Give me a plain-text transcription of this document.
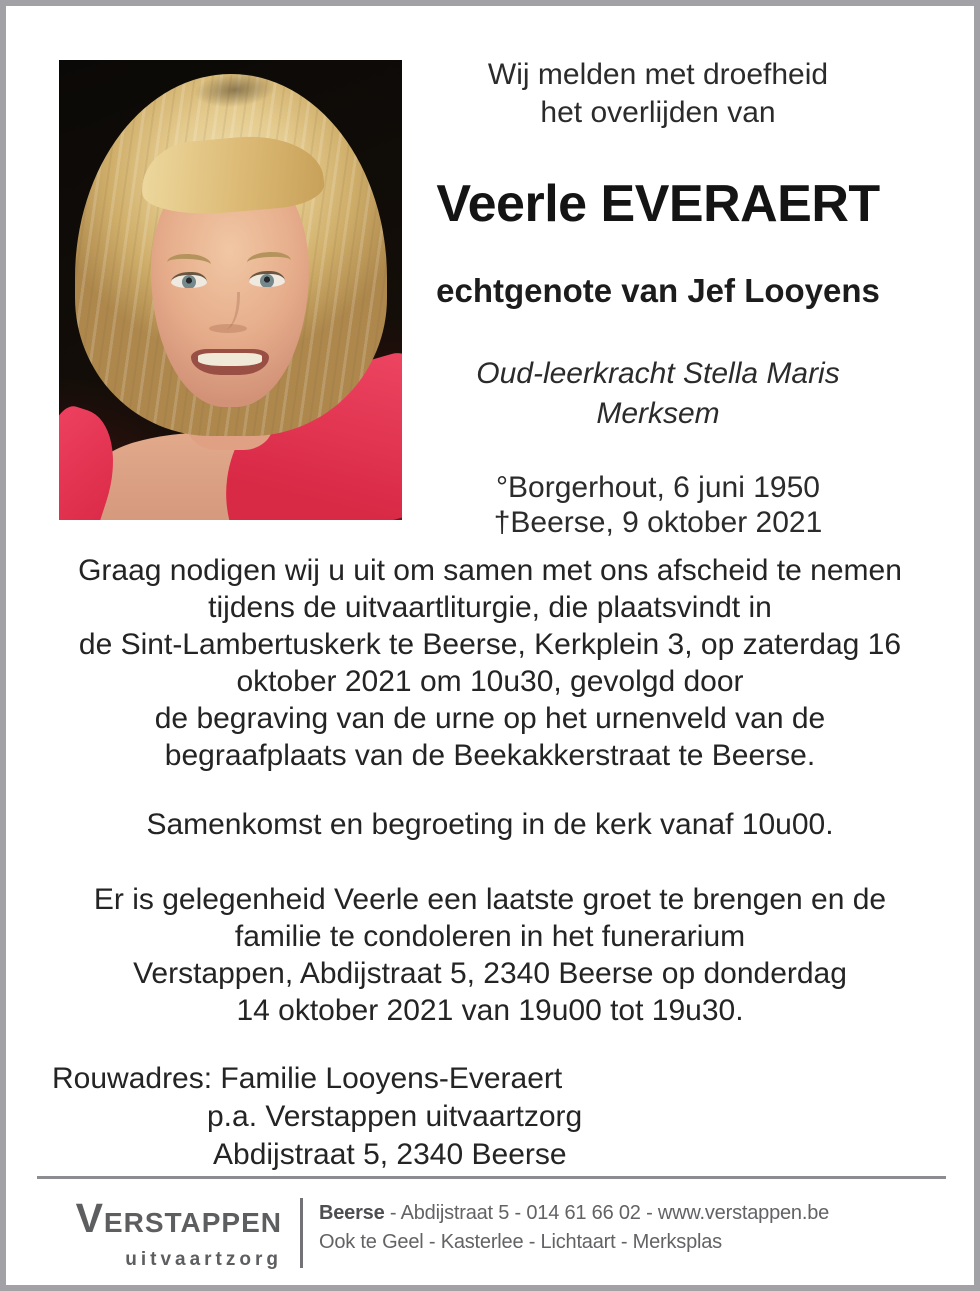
Wij melden met droefheid
het overlijden van
Veerle EVERAERT
echtgenote van Jef Looyens
Oud-leerkracht Stella Maris
Merksem
°Borgerhout, 6 juni 1950
†Beerse, 9 oktober 2021
Graag nodigen wij u uit om samen met ons afscheid te nemen
tijdens de uitvaartliturgie, die plaatsvindt in
de Sint-Lambertuskerk te Beerse, Kerkplein 3, op zaterdag 16
oktober 2021 om 10u30, gevolgd door
de begraving van de urne op het urnenveld van de
begraafplaats van de Beekakkerstraat te Beerse.
Samenkomst en begroeting in de kerk vanaf 10u00.
Er is gelegenheid Veerle een laatste groet te brengen en de
familie te condoleren in het funerarium
Verstappen, Abdijstraat 5, 2340 Beerse op donderdag
14 oktober 2021 van 19u00 tot 19u30.
Rouwadres: Familie Looyens-Everaert
p.a. Verstappen uitvaartzorg
Abdijstraat 5, 2340 Beerse
VERSTAPPEN
uitvaartzorg
Beerse - Abdijstraat 5 - 014 61 66 02 - www.verstappen.be
Ook te Geel - Kasterlee - Lichtaart - Merksplas
